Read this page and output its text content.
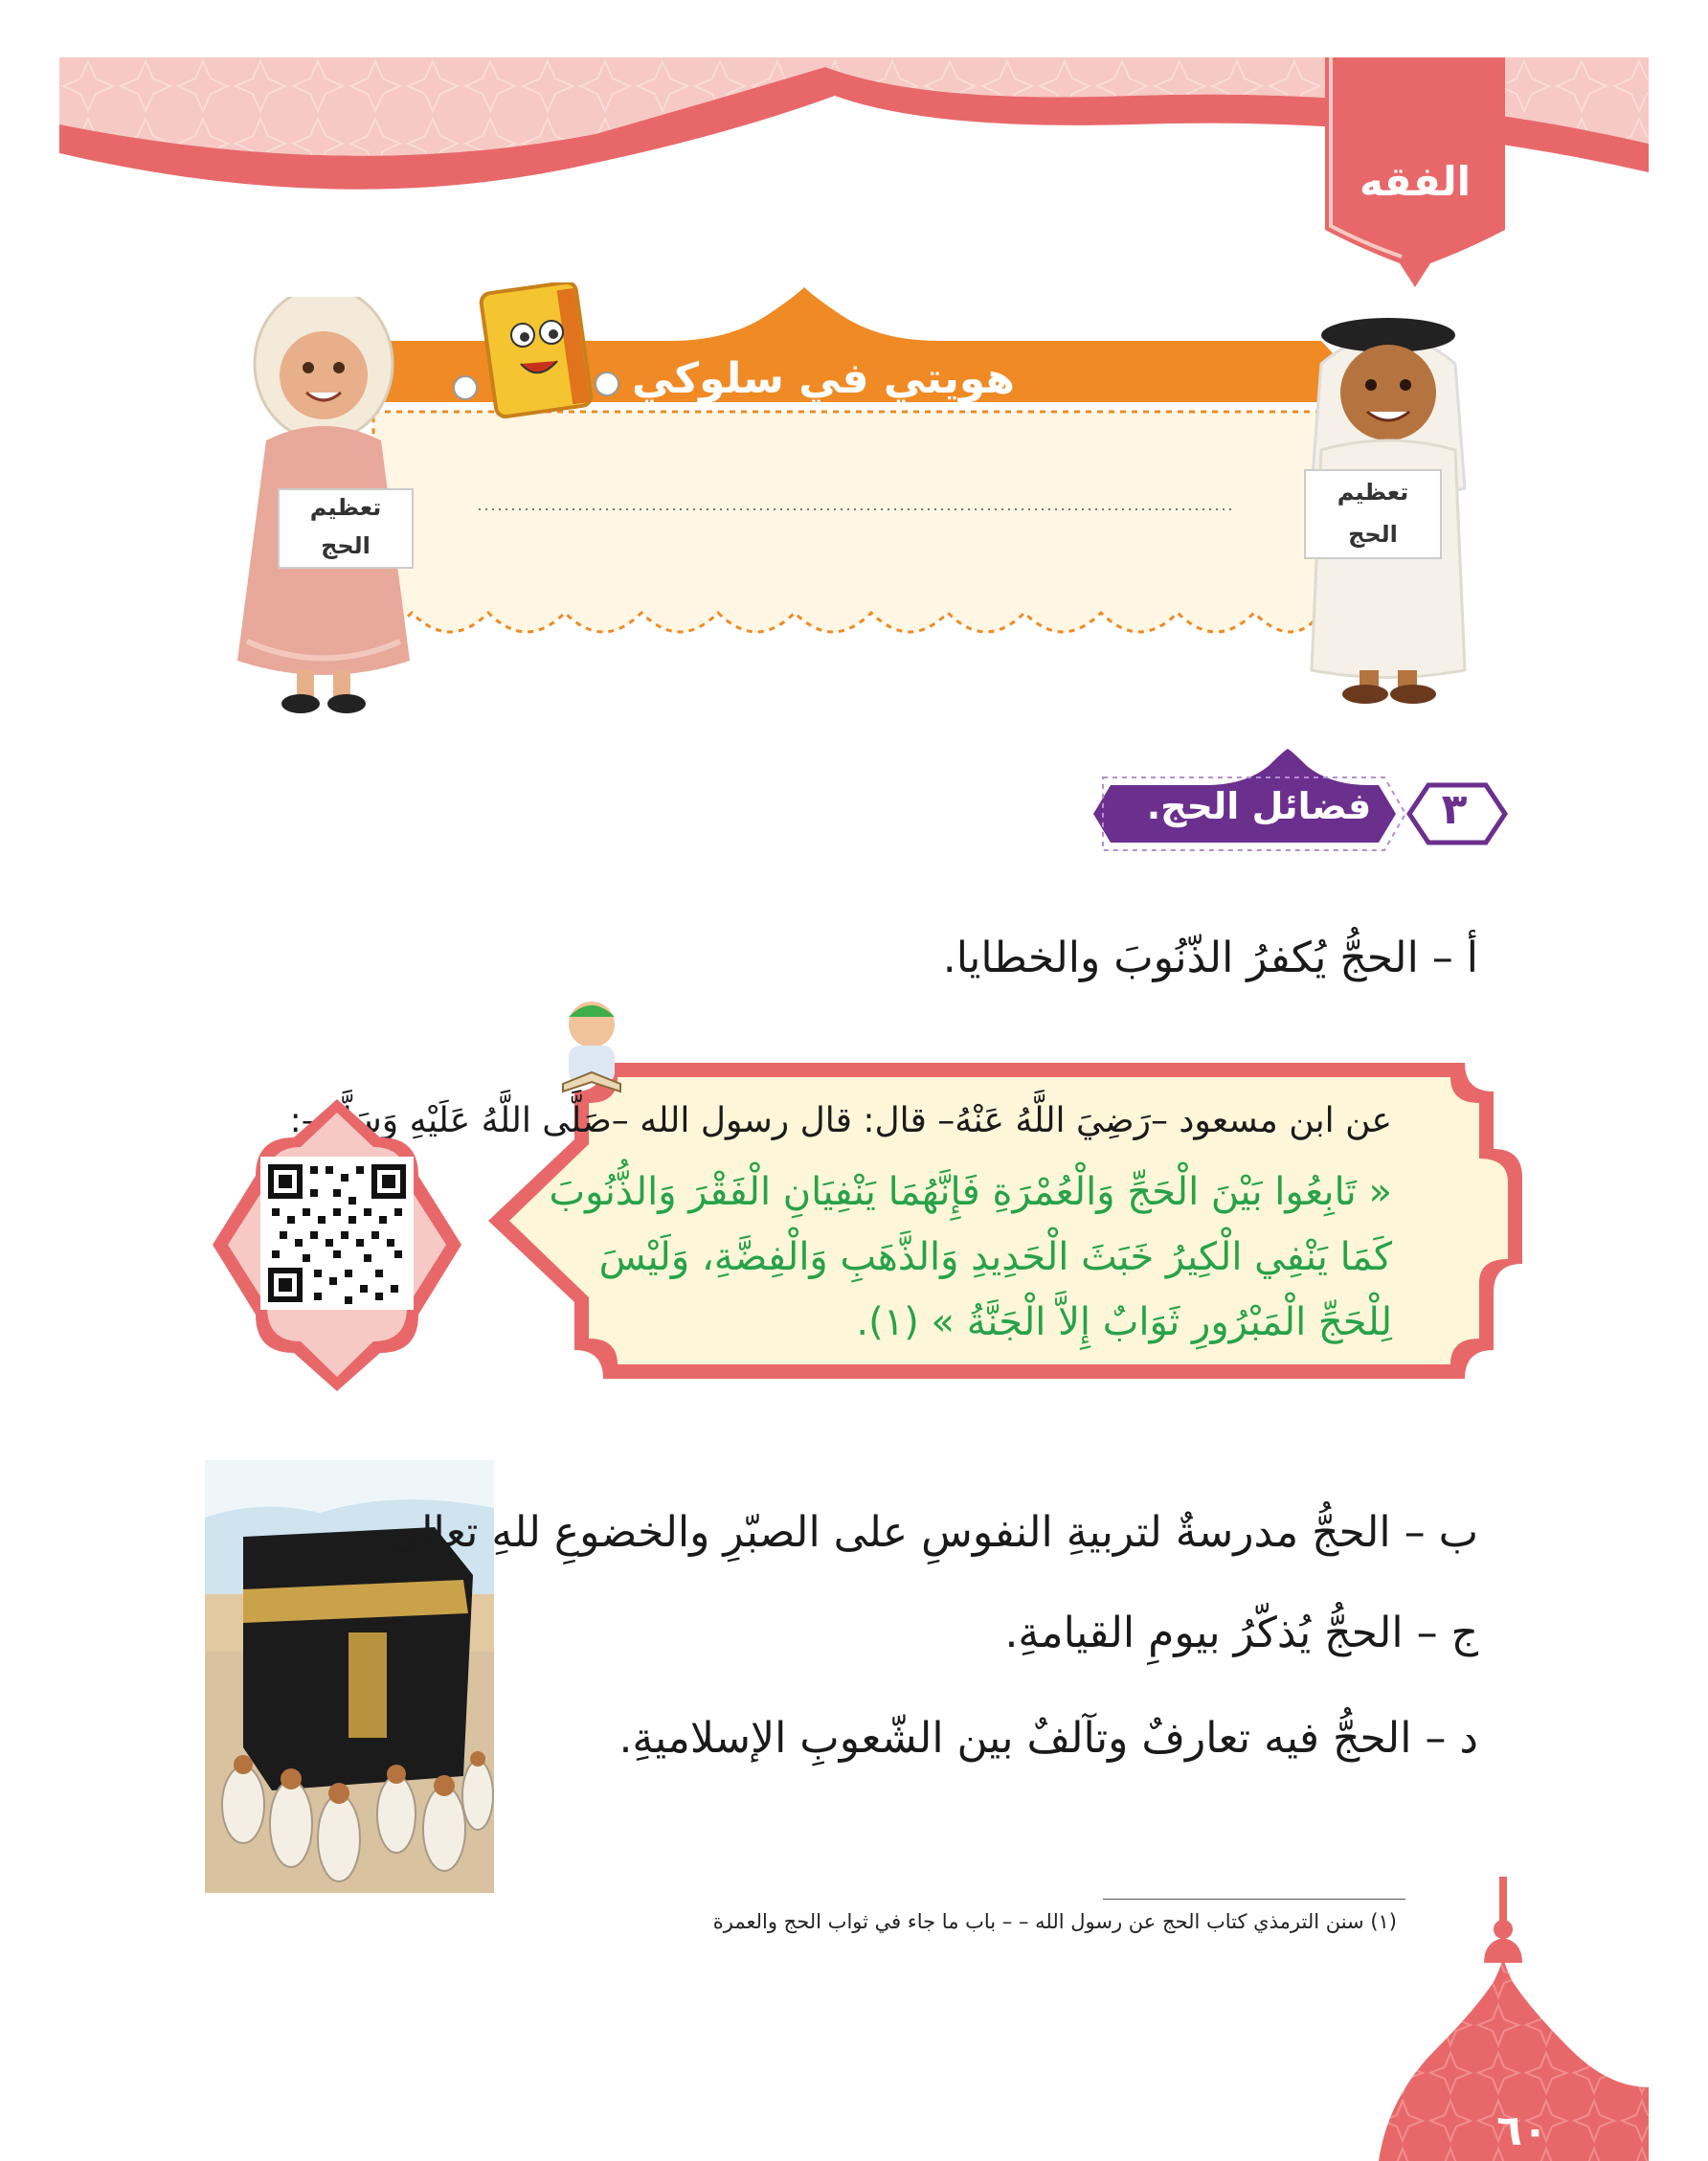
الفقه
هويتي في سلوكي
تعظيم
الحج
تعظيم
الحج
فضائل الحج.	٣
أ – الحجُّ يُكفرُ الذّنُوبَ والخطايا.
عن ابن مسعود –رَضِيَ اللَّهُ عَنْهُ– قال: قال رسول الله –صَلَّى اللَّهُ عَلَيْهِ وَسَلَّمَ–:
« تَابِعُوا بَيْنَ الْحَجِّ وَالْعُمْرَةِ فَإِنَّهُمَا يَنْفِيَانِ الْفَقْرَ وَالذُّنُوبَ
كَمَا يَنْفِي الْكِيرُ خَبَثَ الْحَدِيدِ وَالذَّهَبِ وَالْفِضَّةِ، وَلَيْسَ
لِلْحَجِّ الْمَبْرُورِ ثَوَابٌ إِلاَّ الْجَنَّةُ » (١).
ب – الحجُّ مدرسةٌ لتربيةِ النفوسِ على الصبّرِ والخضوعِ للهِ تعالى
ج – الحجُّ يُذكّرُ بيومِ القيامةِ.
د – الحجُّ فيه تعارفٌ وتآلفٌ بين الشّعوبِ الإسلاميةِ.
(١) سنن الترمذي كتاب الحج عن رسول الله – – باب ما جاء في ثواب الحج والعمرة
٦٠
